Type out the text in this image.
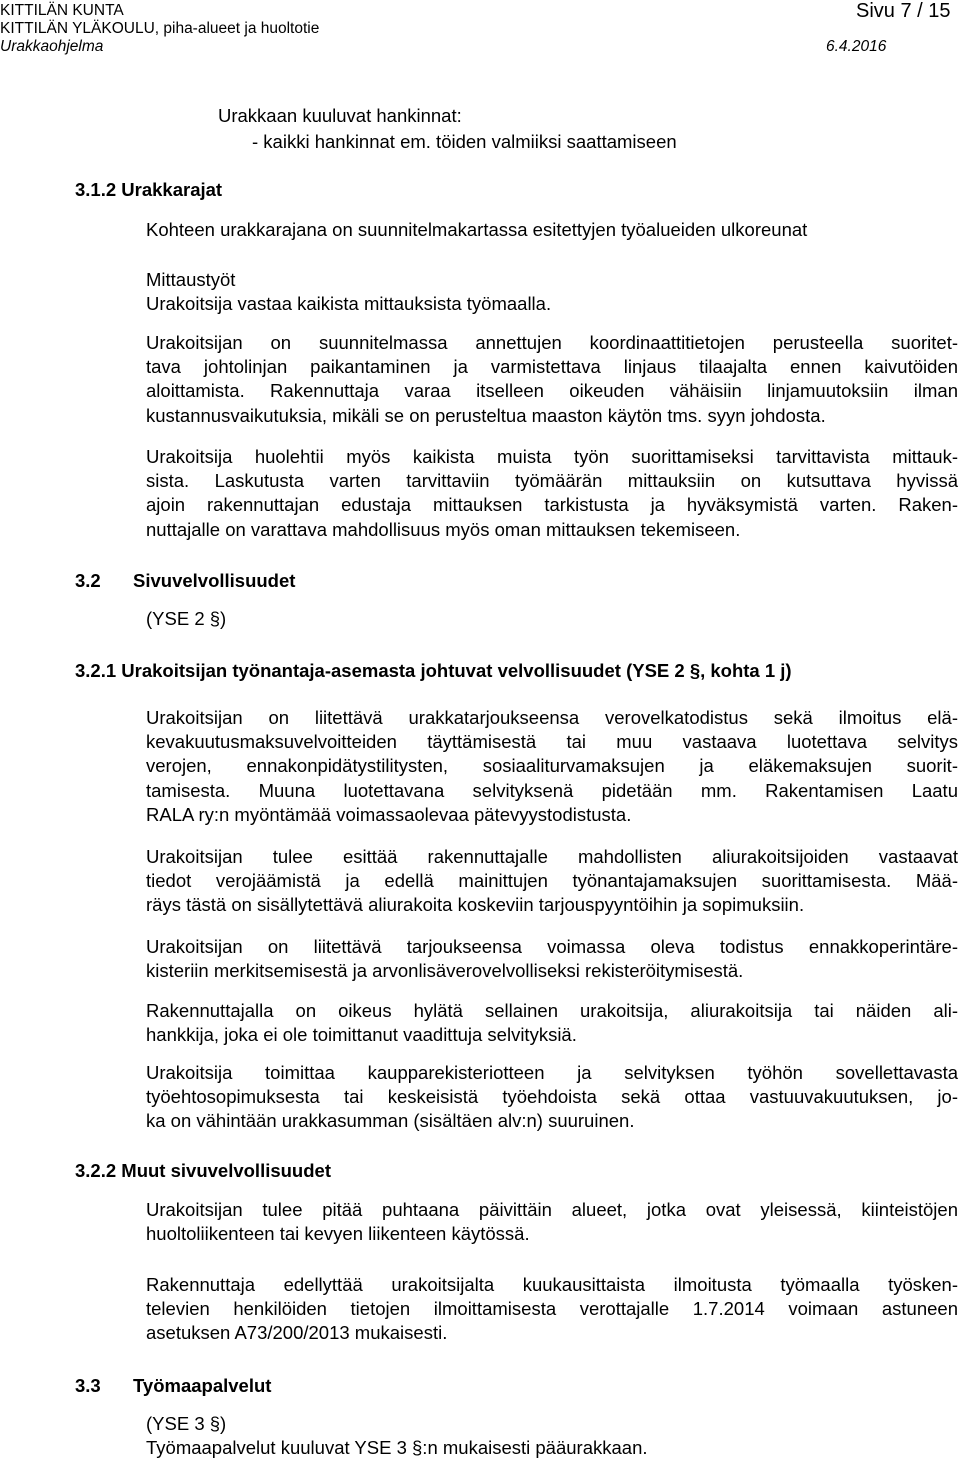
KITTILÄN KUNTA
KITTILÄN YLÄKOULU, piha-alueet ja huoltotie
Urakkaohjelma	6.4.2016
Sivu 7 / 15
Urakkaan kuuluvat hankinnat:
- kaikki hankinnat em. töiden valmiiksi saattamiseen
3.1.2 Urakkarajat
Kohteen urakkarajana on suunnitelmakartassa esitettyjen työalueiden ulkoreunat
Mittaustyöt
Urakoitsija vastaa kaikista mittauksista työmaalla.
Urakoitsijan on suunnitelmassa annettujen koordinaattitietojen perusteella suoritet-
tava johtolinjan paikantaminen ja varmistettava linjaus tilaajalta ennen kaivutöiden
aloittamista. Rakennuttaja varaa itselleen oikeuden vähäisiin linjamuutoksiin ilman
kustannusvaikutuksia, mikäli se on perusteltua maaston käytön tms. syyn johdosta.
Urakoitsija huolehtii myös kaikista muista työn suorittamiseksi tarvittavista mittauk-
sista. Laskutusta varten tarvittaviin työmäärän mittauksiin on kutsuttava hyvissä
ajoin rakennuttajan edustaja mittauksen tarkistusta ja hyväksymistä varten. Raken-
nuttajalle on varattava mahdollisuus myös oman mittauksen tekemiseen.
3.2 Sivuvelvollisuudet
(YSE 2 §)
3.2.1 Urakoitsijan työnantaja-asemasta johtuvat velvollisuudet (YSE 2 §, kohta 1 j)
Urakoitsijan on liitettävä urakkatarjoukseensa verovelkatodistus sekä ilmoitus elä-
kevakuutusmaksuvelvoitteiden täyttämisestä tai muu vastaava luotettava selvitys
verojen, ennakonpidätystilitysten, sosiaaliturvamaksujen ja eläkemaksujen suorit-
tamisesta. Muuna luotettavana selvityksenä pidetään mm. Rakentamisen Laatu
RALA ry:n myöntämää voimassaolevaa pätevyystodistusta.
Urakoitsijan tulee esittää rakennuttajalle mahdollisten aliurakoitsijoiden vastaavat
tiedot verojäämistä ja edellä mainittujen työnantajamaksujen suorittamisesta. Mää-
räys tästä on sisällytettävä aliurakoita koskeviin tarjouspyyntöihin ja sopimuksiin.
Urakoitsijan on liitettävä tarjoukseensa voimassa oleva todistus ennakkoperintäre-
kisteriin merkitsemisestä ja arvonlisäverovelvolliseksi rekisteröitymisestä.
Rakennuttajalla on oikeus hylätä sellainen urakoitsija, aliurakoitsija tai näiden ali-
hankkija, joka ei ole toimittanut vaadittuja selvityksiä.
Urakoitsija toimittaa kaupparekisteriotteen ja selvityksen työhön sovellettavasta
työehtosopimuksesta tai keskeisistä työehdoista sekä ottaa vastuuvakuutuksen, jo-
ka on vähintään urakkasumman (sisältäen alv:n) suuruinen.
3.2.2 Muut sivuvelvollisuudet
Urakoitsijan tulee pitää puhtaana päivittäin alueet, jotka ovat yleisessä, kiinteistöjen
huoltoliikenteen tai kevyen liikenteen käytössä.
Rakennuttaja edellyttää urakoitsijalta kuukausittaista ilmoitusta työmaalla työsken-
televien henkilöiden tietojen ilmoittamisesta verottajalle 1.7.2014 voimaan astuneen
asetuksen A73/200/2013 mukaisesti.
3.3 Työmaapalvelut
(YSE 3 §)
Työmaapalvelut kuuluvat YSE 3 §:n mukaisesti pääurakkaan.
